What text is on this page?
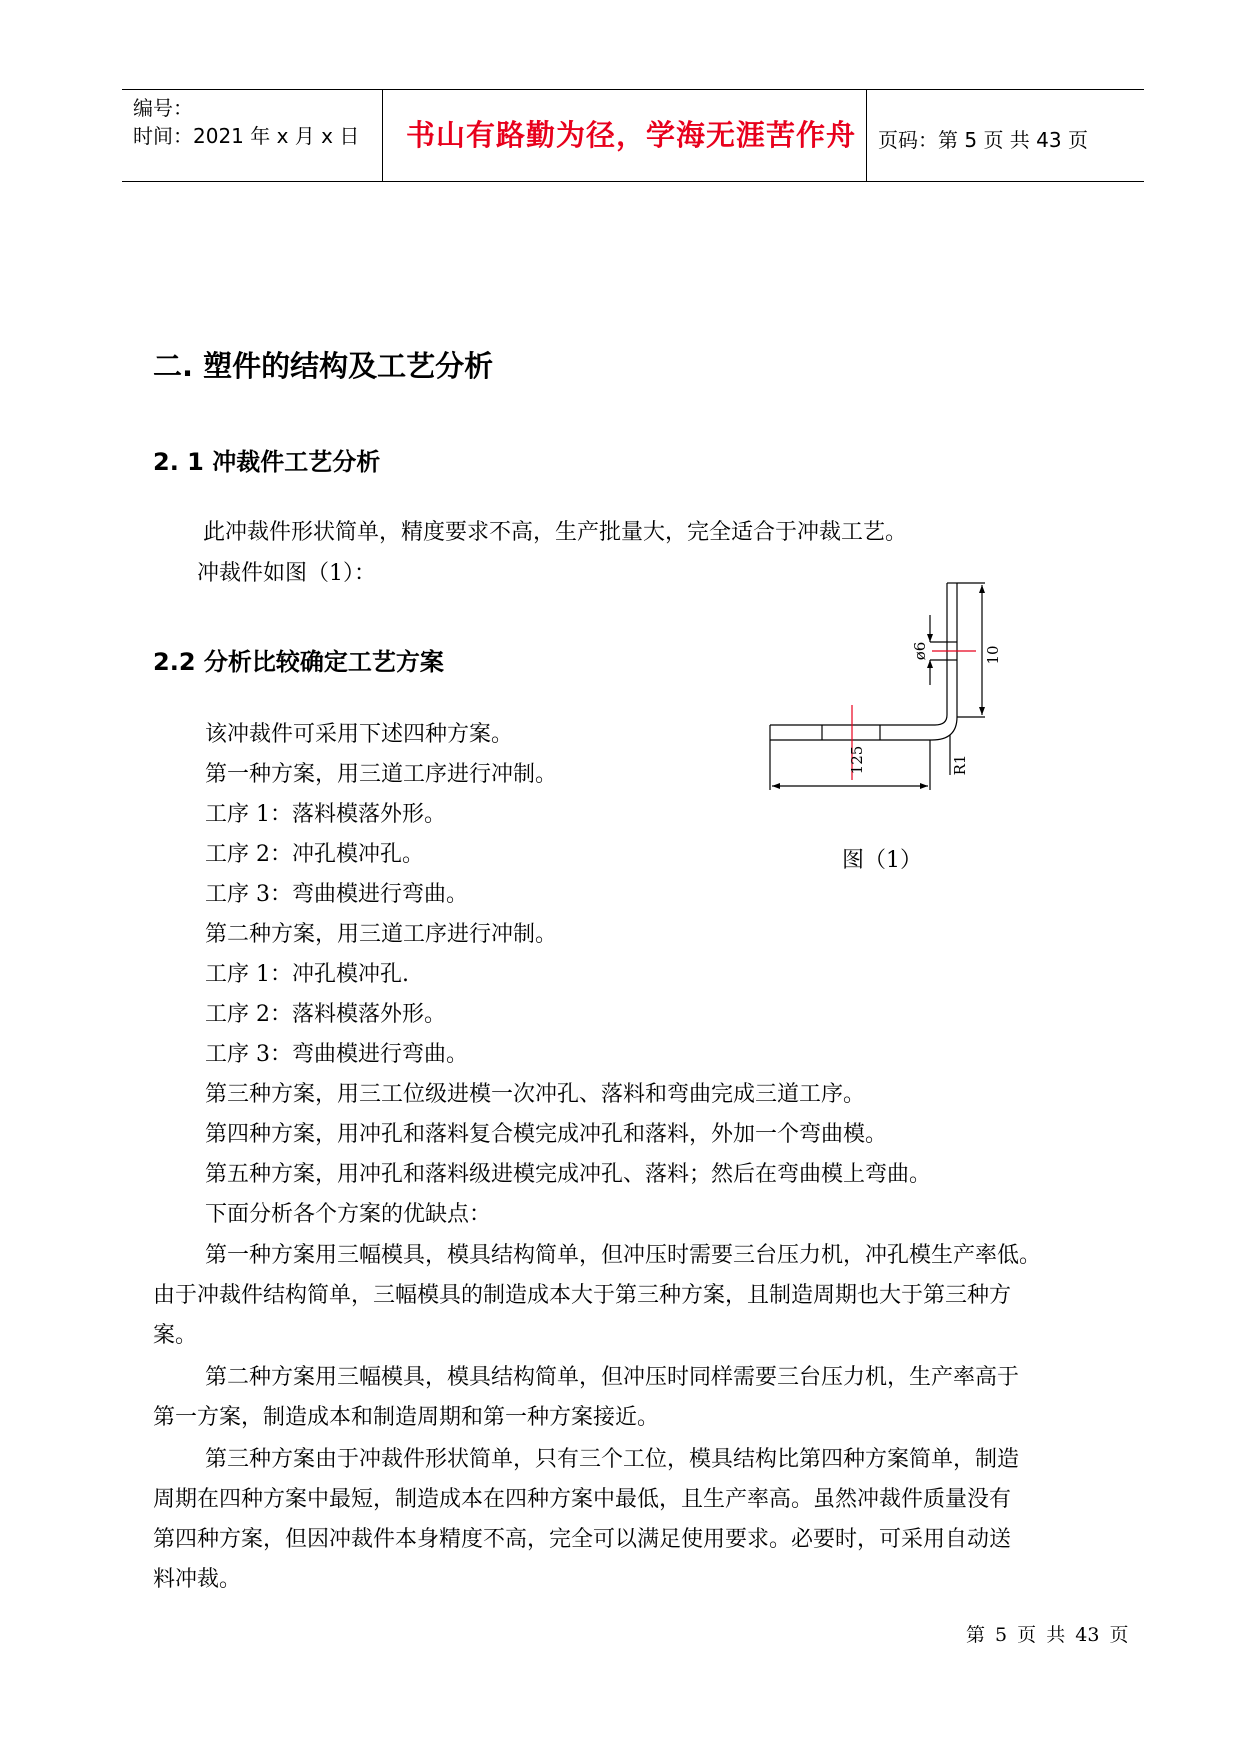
编号：
时间：2021 年 x 月 x 日 书山有路勤为径，学海无涯苦作舟 页码：第 5 页 共 43 页
二. 塑件的结构及工艺分析
2. 1 冲裁件工艺分析
此冲裁件形状简单，精度要求不高，生产批量大，完全适合于冲裁工艺。
冲裁件如图（1）：
2.2 分析比较确定工艺方案
该冲裁件可采用下述四种方案。
第一种方案，用三道工序进行冲制。
工序 1：落料模落外形。
工序 2：冲孔模冲孔。
工序 3：弯曲模进行弯曲。
第二种方案，用三道工序进行冲制。
工序 1：冲孔模冲孔.
工序 2：落料模落外形。
工序 3：弯曲模进行弯曲。
第三种方案，用三工位级进模一次冲孔、落料和弯曲完成三道工序。
第四种方案，用冲孔和落料复合模完成冲孔和落料，外加一个弯曲模。
第五种方案，用冲孔和落料级进模完成冲孔、落料；然后在弯曲模上弯曲。
下面分析各个方案的优缺点：
第一种方案用三幅模具，模具结构简单，但冲压时需要三台压力机，冲孔模生产率低。
由于冲裁件结构简单，三幅模具的制造成本大于第三种方案，且制造周期也大于第三种方
案。
第二种方案用三幅模具，模具结构简单，但冲压时同样需要三台压力机，生产率高于
第一方案，制造成本和制造周期和第一种方案接近。
第三种方案由于冲裁件形状简单，只有三个工位，模具结构比第四种方案简单，制造
周期在四种方案中最短，制造成本在四种方案中最低，且生产率高。虽然冲裁件质量没有
第四种方案，但因冲裁件本身精度不高，完全可以满足使用要求。必要时，可采用自动送
料冲裁。
10
ø6
125	R1
图（1）
第 5 页 共 43 页
